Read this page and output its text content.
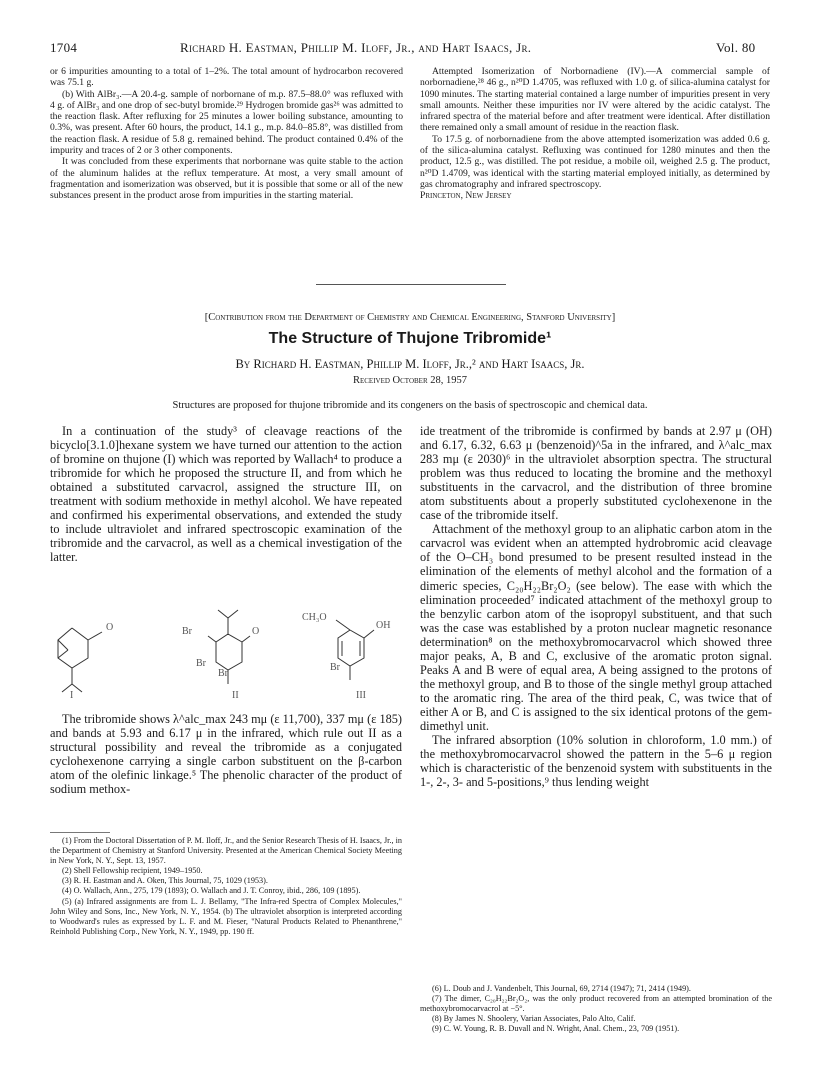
1704	Richard H. Eastman, Phillip M. Iloff, Jr., and Hart Isaacs, Jr.	Vol. 80

or 6 impurities amounting to a total of 1–2%. The total amount of hydrocarbon recovered was 75.1 g.

(b) With AlBr₃.—A 20.4-g. sample of norbornane of m.p. 87.5–88.0° was refluxed with 4 g. of AlBr₃ and one drop of sec-butyl bromide.²⁹ Hydrogen bromide gas²⁶ was admitted to the reaction flask. After refluxing for 25 minutes a lower boiling substance, amounting to 0.3%, was present. After 60 hours, the product, 14.1 g., m.p. 84.0–85.8°, was distilled from the reaction flask. A residue of 5.8 g. remained behind. The product contained 0.4% of the impurity and traces of 2 or 3 other components.

It was concluded from these experiments that norbornane was quite stable to the action of the aluminum halides at the reflux temperature. At most, a very small amount of fragmentation and isomerization was observed, but it is possible that some or all of the new substances present in the product arose from impurities in the starting material.

Attempted Isomerization of Norbornadiene (IV).—A commercial sample of norbornadiene,²⁸ 46 g., n²⁰D 1.4705, was refluxed with 1.0 g. of silica-alumina catalyst for 1090 minutes. The starting material contained a large number of impurities present in very small amounts. Neither these impurities nor IV were altered by the acidic catalyst. The infrared spectra of the material before and after treatment were identical. After distillation there remained only a small amount of residue in the reaction flask.

To 17.5 g. of norbornadiene from the above attempted isomerization was added 0.6 g. of the silica-alumina catalyst. Refluxing was continued for 1280 minutes and then the product, 12.5 g., was distilled. The pot residue, a mobile oil, weighed 2.5 g. The product, n²⁰D 1.4709, was identical with the starting material employed initially, as determined by gas chromatography and infrared spectroscopy.

Princeton, New Jersey

[Contribution from the Department of Chemistry and Chemical Engineering, Stanford University]
The Structure of Thujone Tribromide¹
By Richard H. Eastman, Phillip M. Iloff, Jr.,² and Hart Isaacs, Jr.
Received October 28, 1957
Structures are proposed for thujone tribromide and its congeners on the basis of spectroscopic and chemical data.

In a continuation of the study³ of cleavage reactions of the bicyclo[3.1.0]hexane system we have turned our attention to the action of bromine on thujone (I) which was reported by Wallach⁴ to produce a tribromide for which he proposed the structure II, and from which he obtained a substituted carvacrol, assigned the structure III, on treatment with sodium methoxide in methyl alcohol. We have repeated and confirmed his experimental observations, and extended the study to include ultraviolet and infrared spectroscopic examination of the tribromide and the carvacrol, as well as a chemical investigation of the latter.

O	Br	O
Br
Br
CH₃O
OH
Br
I	II	III

The tribromide shows λ^alc_max 243 mμ (ε 11,700), 337 mμ (ε 185) and bands at 5.93 and 6.17 μ in the infrared, which rule out II as a structural possibility and reveal the tribromide as a conjugated cyclohexenone carrying a single carbon substituent on the β-carbon atom of the olefinic linkage.⁵ The phenolic character of the product of sodium methox-

(1) From the Doctoral Dissertation of P. M. Iloff, Jr., and the Senior Research Thesis of H. Isaacs, Jr., in the Department of Chemistry at Stanford University. Presented at the American Chemical Society Meeting in New York, N. Y., Sept. 13, 1957.

(2) Shell Fellowship recipient, 1949–1950.

(3) R. H. Eastman and A. Oken, This Journal, 75, 1029 (1953).

(4) O. Wallach, Ann., 275, 179 (1893); O. Wallach and J. T. Conroy, ibid., 286, 109 (1895).

(5) (a) Infrared assignments are from L. J. Bellamy, "The Infra-red Spectra of Complex Molecules," John Wiley and Sons, Inc., New York, N. Y., 1954. (b) The ultraviolet absorption is interpreted according to Woodward's rules as expressed by L. F. and M. Fieser, "Natural Products Related to Phenanthrene," Reinhold Publishing Corp., New York, N. Y., 1949, pp. 190 ff.

ide treatment of the tribromide is confirmed by bands at 2.97 μ (OH) and 6.17, 6.32, 6.63 μ (benzenoid)^5a in the infrared, and λ^alc_max 283 mμ (ε 2030)⁶ in the ultraviolet absorption spectra. The structural problem was thus reduced to locating the bromine and the methoxyl substituents in the carvacrol, and the distribution of three bromine atom substituents about a properly substituted cyclohexenone in the case of the tribromide itself.

Attachment of the methoxyl group to an aliphatic carbon atom in the carvacrol was evident when an attempted hydrobromic acid cleavage of the O–CH₃ bond presumed to be present resulted instead in the elimination of the elements of methyl alcohol and the formation of a dimeric species, C₂₀H₂₂Br₂O₂ (see below). The ease with which the elimination proceeded⁷ indicated attachment of the methoxyl group to the benzylic carbon atom of the isopropyl substituent, and that such was the case was established by a proton nuclear magnetic resonance determination⁸ on the methoxybromocarvacrol which showed three major peaks, A, B and C, exclusive of the aromatic proton signal. Peaks A and B were of equal area, A being assigned to the protons of the methoxyl group, and B to those of the single methyl group attached to the aromatic ring. The area of the third peak, C, was twice that of either A or B, and C is assigned to the six identical protons of the gem-dimethyl unit.

The infrared absorption (10% solution in chloroform, 1.0 mm.) of the methoxybromocarvacrol showed the pattern in the 5–6 μ region which is characteristic of the benzenoid system with substituents in the 1-, 2-, 3- and 5-positions,⁹ thus lending weight

(6) L. Doub and J. Vandenbelt, This Journal, 69, 2714 (1947); 71, 2414 (1949).

(7) The dimer, C₂₀H₂₂Br₂O₂, was the only product recovered from an attempted bromination of the methoxybromocarvacrol at −5°.

(8) By James N. Shoolery, Varian Associates, Palo Alto, Calif.

(9) C. W. Young, R. B. Duvall and N. Wright, Anal. Chem., 23, 709 (1951).
